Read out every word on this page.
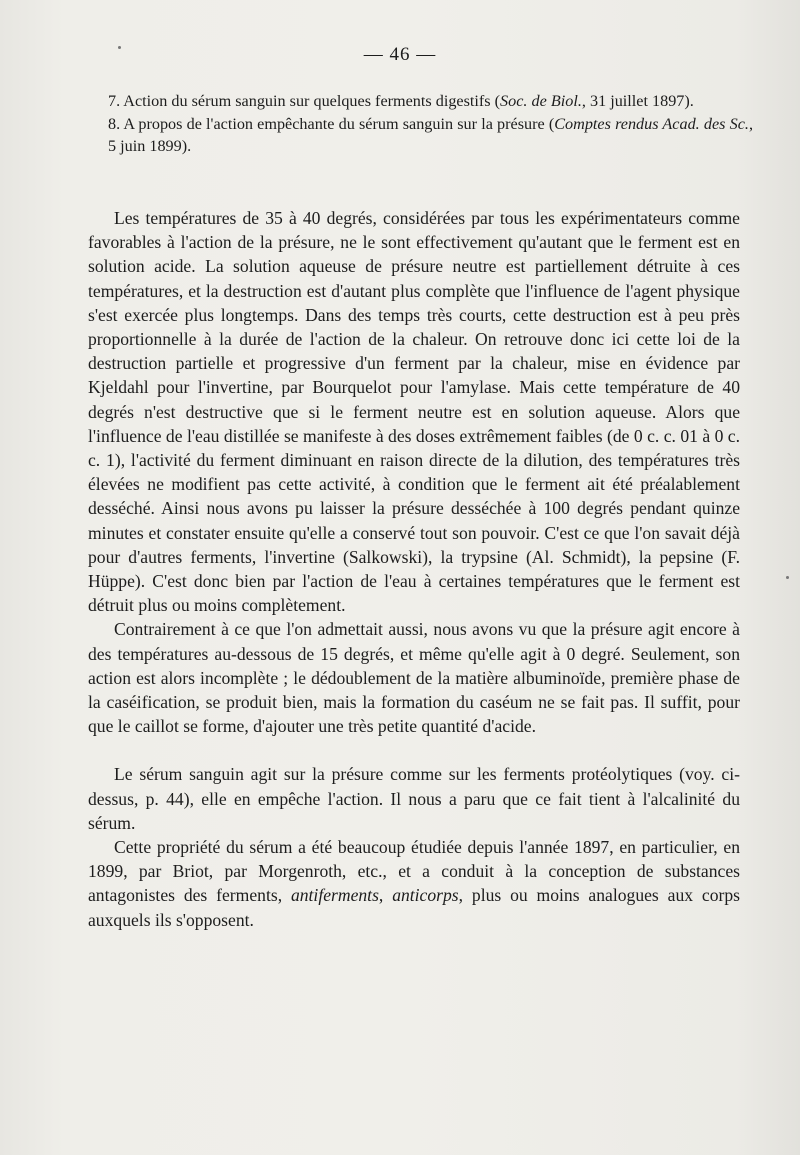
— 46 —

7. Action du sérum sanguin sur quelques ferments digestifs (Soc. de Biol., 31 juillet 1897).

8. A propos de l'action empêchante du sérum sanguin sur la présure (Comptes rendus Acad. des Sc., 5 juin 1899).

Les températures de 35 à 40 degrés, considérées par tous les expérimentateurs comme favorables à l'action de la présure, ne le sont effectivement qu'autant que le ferment est en solution acide. La solution aqueuse de présure neutre est partiellement détruite à ces températures, et la destruction est d'autant plus complète que l'influence de l'agent physique s'est exercée plus longtemps. Dans des temps très courts, cette destruction est à peu près proportionnelle à la durée de l'action de la chaleur. On retrouve donc ici cette loi de la destruction partielle et progressive d'un ferment par la chaleur, mise en évidence par Kjeldahl pour l'invertine, par Bourquelot pour l'amylase. Mais cette température de 40 degrés n'est destructive que si le ferment neutre est en solution aqueuse. Alors que l'influence de l'eau distillée se manifeste à des doses extrêmement faibles (de 0 c. c. 01 à 0 c. c. 1), l'activité du ferment diminuant en raison directe de la dilution, des températures très élevées ne modifient pas cette activité, à condition que le ferment ait été préalablement desséché. Ainsi nous avons pu laisser la présure desséchée à 100 degrés pendant quinze minutes et constater ensuite qu'elle a conservé tout son pouvoir. C'est ce que l'on savait déjà pour d'autres ferments, l'invertine (Salkowski), la trypsine (Al. Schmidt), la pepsine (F. Hüppe). C'est donc bien par l'action de l'eau à certaines températures que le ferment est détruit plus ou moins complètement.

Contrairement à ce que l'on admettait aussi, nous avons vu que la présure agit encore à des températures au-dessous de 15 degrés, et même qu'elle agit à 0 degré. Seulement, son action est alors incomplète ; le dédoublement de la matière albuminoïde, première phase de la caséification, se produit bien, mais la formation du caséum ne se fait pas. Il suffit, pour que le caillot se forme, d'ajouter une très petite quantité d'acide.

Le sérum sanguin agit sur la présure comme sur les ferments protéolytiques (voy. ci-dessus, p. 44), elle en empêche l'action. Il nous a paru que ce fait tient à l'alcalinité du sérum.

Cette propriété du sérum a été beaucoup étudiée depuis l'année 1897, en particulier, en 1899, par Briot, par Morgenroth, etc., et a conduit à la conception de substances antagonistes des ferments, antiferments, anticorps, plus ou moins analogues aux corps auxquels ils s'opposent.
